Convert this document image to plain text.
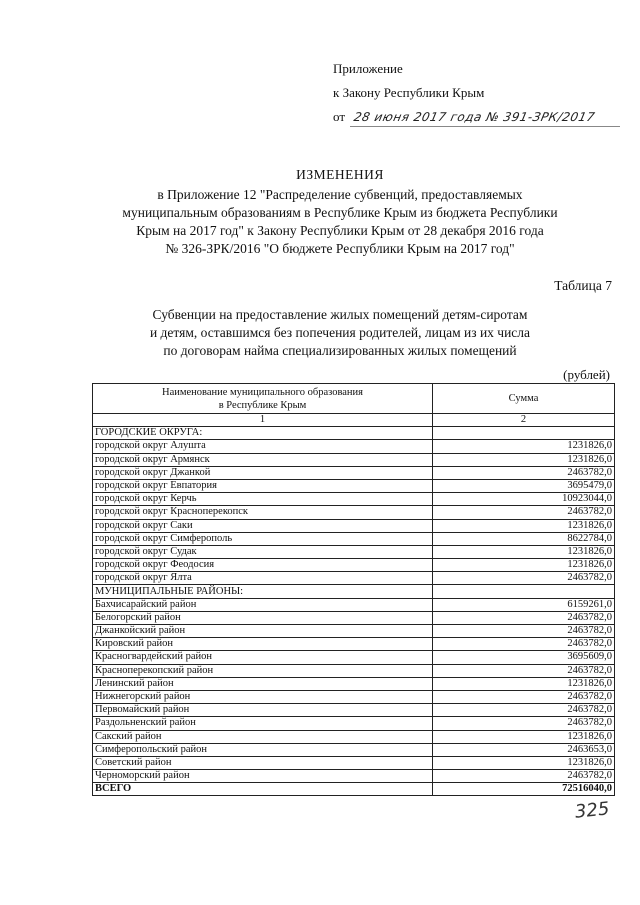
Приложение
к Закону Республики Крым
от 28 июня 2017 года № 391-ЗРК/2017
ИЗМЕНЕНИЯ
в Приложение 12 "Распределение субвенций, предоставляемых
муниципальным образованиям в Республике Крым из бюджета Республики
Крым на 2017 год" к Закону Республики Крым от 28 декабря 2016 года
№ 326-ЗРК/2016 "О бюджете Республики Крым на 2017 год"
Таблица 7
Субвенции на предоставление жилых помещений детям-сиротам
и детям, оставшимся без попечения родителей, лицам из их числа
по договорам найма специализированных жилых помещений
(рублей)
Наименование муниципального образования
в Республике Крым	Сумма
1	2
ГОРОДСКИЕ ОКРУГА:	
городской округ Алушта	1231826,0
городской округ Армянск	1231826,0
городской округ Джанкой	2463782,0
городской округ Евпатория	3695479,0
городской округ Керчь	10923044,0
городской округ Красноперекопск	2463782,0
городской округ Саки	1231826,0
городской округ Симферополь	8622784,0
городской округ Судак	1231826,0
городской округ Феодосия	1231826,0
городской округ Ялта	2463782,0
МУНИЦИПАЛЬНЫЕ РАЙОНЫ:	
Бахчисарайский район	6159261,0
Белогорский район	2463782,0
Джанкойский район	2463782,0
Кировский район	2463782,0
Красногвардейский район	3695609,0
Красноперекопский район	2463782,0
Ленинский район	1231826,0
Нижнегорский район	2463782,0
Первомайский район	2463782,0
Раздольненский район	2463782,0
Сакский район	1231826,0
Симферопольский район	2463653,0
Советский район	1231826,0
Черноморский район	2463782,0
ВСЕГО	72516040,0
325
